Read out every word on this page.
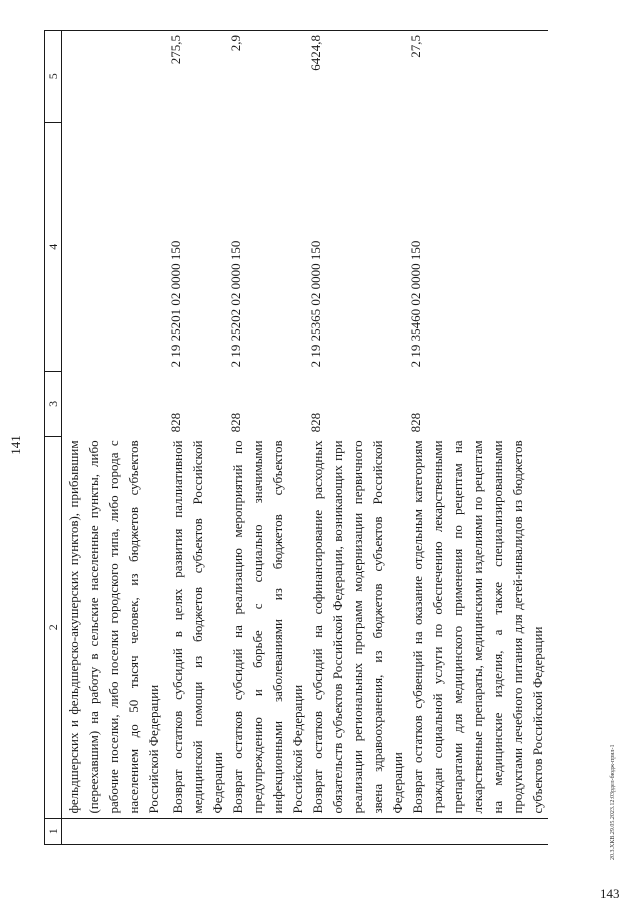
141
1	2	3	4	5
	фельдшерских и фельдшерско-акушерских пунктов), прибывшим (переехавшим) на работу в сельские населенные пункты, либо рабочие поселки, либо поселки городского типа, либо города с населением до 50 тысяч человек, из бюджетов субъектов Российской Федерации			
	Возврат остатков субсидий в целях развития паллиативной медицинской помощи из бюджетов субъектов Российской Федерации	828	2 19 25201 02 0000 150	275,5
	Возврат остатков субсидий на реализацию мероприятий по предупреждению и борьбе с социально значимыми инфекционными заболеваниями из бюджетов субъектов Российской Федерации	828	2 19 25202 02 0000 150	2,9
	Возврат остатков субсидий на софинансирование расходных обязательств субъектов Российской Федерации, возникающих при реализации региональных программ модернизации первичного звена здравоохранения, из бюджетов субъектов Российской Федерации	828	2 19 25365 02 0000 150	6424,8
	Возврат остатков субвенций на оказание отдельным категориям граждан социальной услуги по обеспечению лекарственными препаратами для медицинского применения по рецептам на лекарственные препараты, медицинскими изделиями по рецептам на медицинские изделия, а также специализированными продуктами лечебного питания для детей-инвалидов из бюджетов субъектов Российской Федерации	828	2 19 35460 02 0000 150	27,5
143
20.3.ХКВ.29.05.2023.12:03рдел-бюдж-прил-1
